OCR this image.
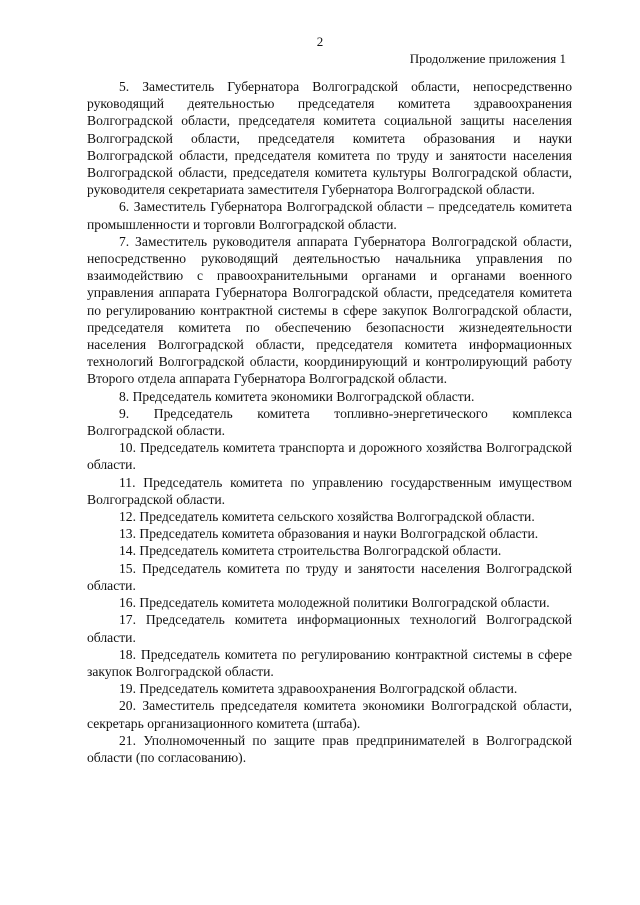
2
Продолжение приложения 1

5. Заместитель Губернатора Волгоградской области, непосредственно руководящий деятельностью председателя комитета здравоохранения Волгоградской области, председателя комитета социальной защиты населения Волгоградской области, председателя комитета образования и науки Волгоградской области, председателя комитета по труду и занятости населения Волгоградской области, председателя комитета культуры Волгоградской области, руководителя секретариата заместителя Губернатора Волгоградской области.

6. Заместитель Губернатора Волгоградской области – председатель комитета промышленности и торговли Волгоградской области.

7. Заместитель руководителя аппарата Губернатора Волгоградской области, непосредственно руководящий деятельностью начальника управления по взаимодействию с правоохранительными органами и органами военного управления аппарата Губернатора Волгоградской области, председателя комитета по регулированию контрактной системы в сфере закупок Волгоградской области, председателя комитета по обеспечению безопасности жизнедеятельности населения Волгоградской области, председателя комитета информационных технологий Волгоградской области, координирующий и контролирующий работу Второго отдела аппарата Губернатора Волгоградской области.

8. Председатель комитета экономики Волгоградской области.

9. Председатель комитета топливно-энергетического комплекса Волгоградской области.

10. Председатель комитета транспорта и дорожного хозяйства Волгоградской области.

11. Председатель комитета по управлению государственным имуществом Волгоградской области.

12. Председатель комитета сельского хозяйства Волгоградской области.

13. Председатель комитета образования и науки Волгоградской области.

14. Председатель комитета строительства Волгоградской области.

15. Председатель комитета по труду и занятости населения Волгоградской области.

16. Председатель комитета молодежной политики Волгоградской области.

17. Председатель комитета информационных технологий Волгоградской области.

18. Председатель комитета по регулированию контрактной системы в сфере закупок Волгоградской области.

19. Председатель комитета здравоохранения Волгоградской области.

20. Заместитель председателя комитета экономики Волгоградской области, секретарь организационного комитета (штаба).

21. Уполномоченный по защите прав предпринимателей в Волгоградской области (по согласованию).
